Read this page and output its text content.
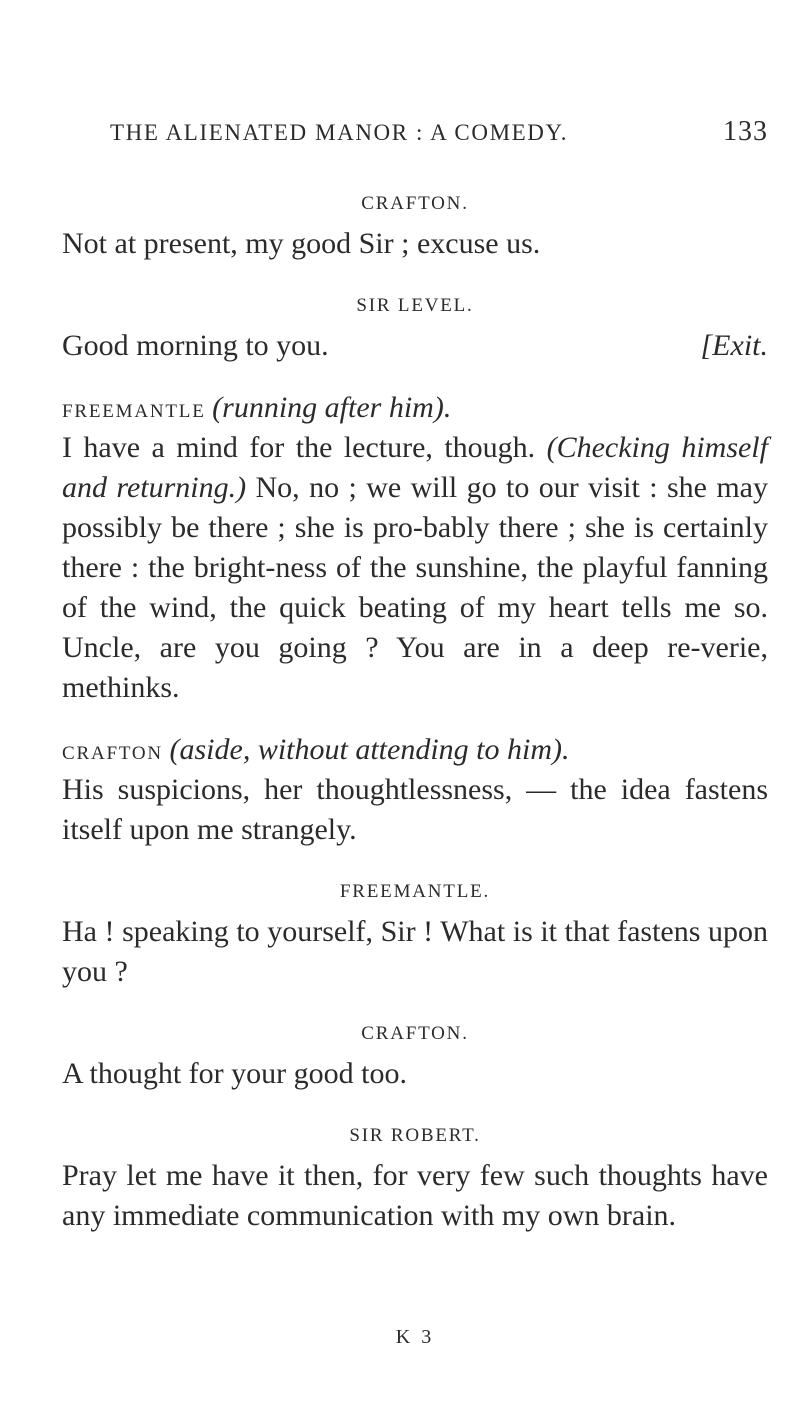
THE ALIENATED MANOR : A COMEDY.	133
CRAFTON.

Not at present, my good Sir ; excuse us.

SIR LEVEL.
Good morning to you.	[Exit.
FREEMANTLE (running after him).

I have a mind for the lecture, though. (Checking himself and returning.) No, no ; we will go to our visit : she may possibly be there ; she is pro-bably there ; she is certainly there : the bright-ness of the sunshine, the playful fanning of the wind, the quick beating of my heart tells me so. Uncle, are you going ? You are in a deep re-verie, methinks.

CRAFTON (aside, without attending to him).

His suspicions, her thoughtlessness, — the idea fastens itself upon me strangely.

FREEMANTLE.

Ha ! speaking to yourself, Sir ! What is it that fastens upon you ?

CRAFTON.

A thought for your good too.

SIR ROBERT.

Pray let me have it then, for very few such thoughts have any immediate communication with my own brain.

K 3
